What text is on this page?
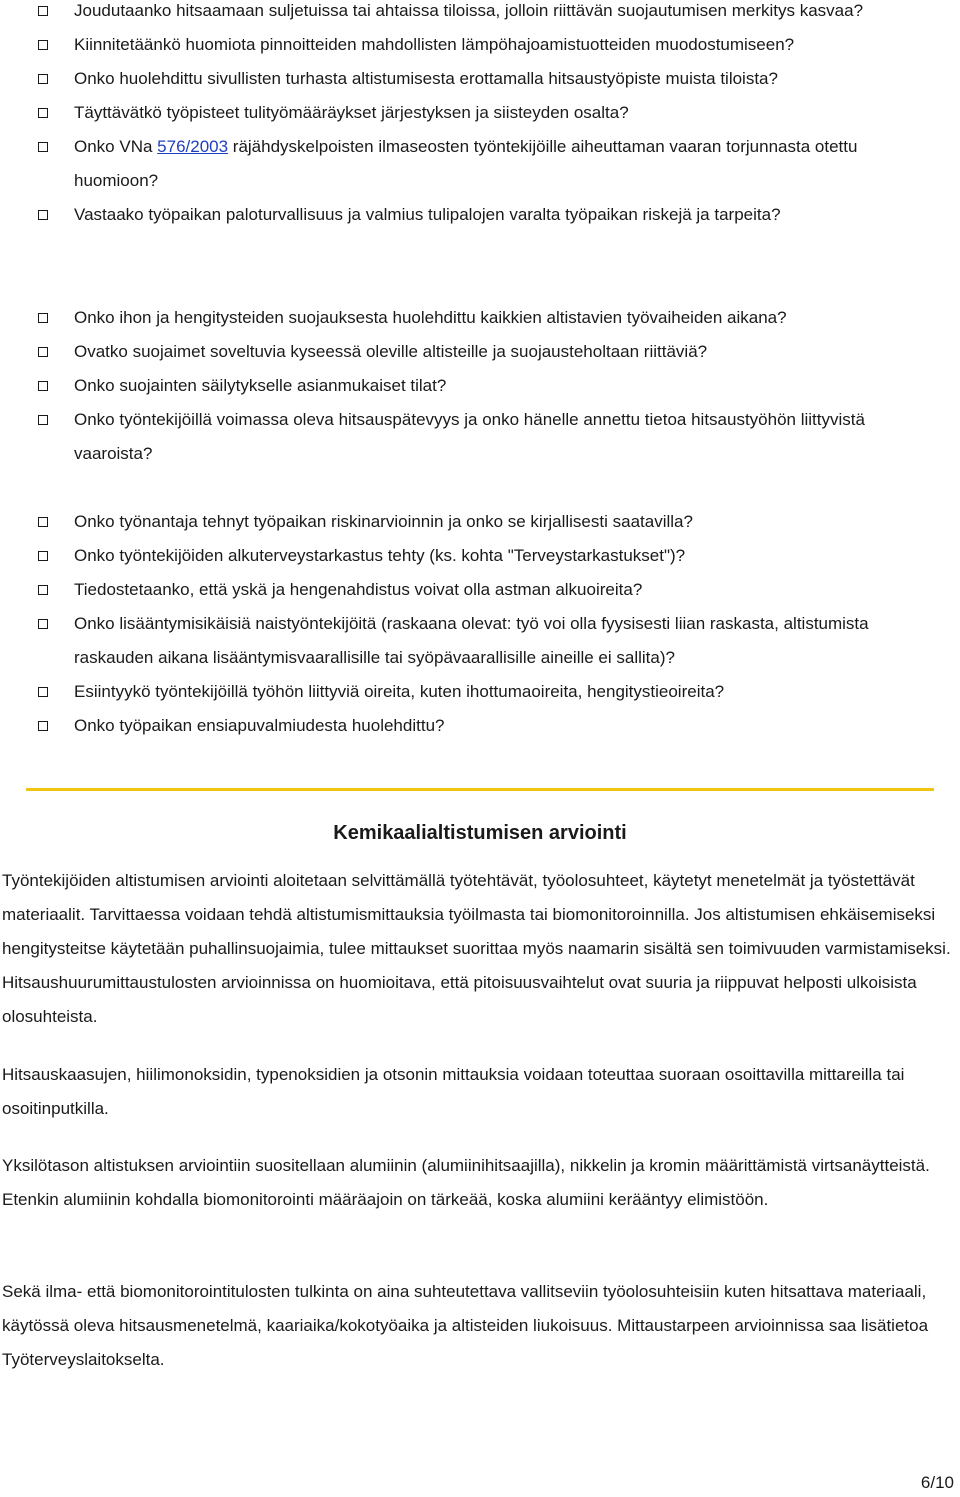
Joudutaanko hitsaamaan suljetuissa tai ahtaissa tiloissa, jolloin riittävän suojautumisen merkitys kasvaa?
Kiinnitetäänkö huomiota pinnoitteiden mahdollisten lämpöhajoamistuotteiden muodostumiseen?
Onko huolehdittu sivullisten turhasta altistumisesta erottamalla hitsaustyöpiste muista tiloista?
Täyttävätkö työpisteet tulityömääräykset järjestyksen ja siisteyden osalta?
Onko VNa 576/2003 räjähdyskelpoisten ilmaseosten työntekijöille aiheuttaman vaaran torjunnasta otettu huomioon?
Vastaako työpaikan paloturvallisuus ja valmius tulipalojen varalta työpaikan riskejä ja tarpeita?
Onko ihon ja hengitysteiden suojauksesta huolehdittu kaikkien altistavien työvaiheiden aikana?
Ovatko suojaimet soveltuvia kyseessä oleville altisteille ja suojausteholtaan riittäviä?
Onko suojainten säilytykselle asianmukaiset tilat?
Onko työntekijöillä voimassa oleva hitsauspätevyys ja onko hänelle annettu tietoa hitsaustyöhön liittyvistä vaaroista?
Onko työnantaja tehnyt työpaikan riskinarvioinnin ja onko se kirjallisesti saatavilla?
Onko työntekijöiden alkuterveystarkastus tehty (ks. kohta "Terveystarkastukset")?
Tiedostetaanko, että yskä ja hengenahdistus voivat olla astman alkuoireita?
Onko lisääntymisikäisiä naistyöntekijöitä (raskaana olevat: työ voi olla fyysisesti liian raskasta, altistumista raskauden aikana lisääntymisvaarallisille tai syöpävaarallisille aineille ei sallita)?
Esiintyykö työntekijöillä työhön liittyviä oireita, kuten ihottumaoireita, hengitystieoireita?
Onko työpaikan ensiapuvalmiudesta huolehdittu?
Kemikaalialtistumisen arviointi
Työntekijöiden altistumisen arviointi aloitetaan selvittämällä työtehtävät, työolosuhteet, käytetyt menetelmät ja työstettävät materiaalit. Tarvittaessa voidaan tehdä altistumismittauksia työilmasta tai biomonitoroinnilla. Jos altistumisen ehkäisemiseksi hengitysteitse käytetään puhallinsuojaimia, tulee mittaukset suorittaa myös naamarin sisältä sen toimivuuden varmistamiseksi. Hitsaushuurumittaustulosten arvioinnissa on huomioitava, että pitoisuusvaihtelut ovat suuria ja riippuvat helposti ulkoisista olosuhteista.
Hitsauskaasujen, hiilimonoksidin, typenoksidien ja otsonin mittauksia voidaan toteuttaa suoraan osoittavilla mittareilla tai osoitinputkilla.
Yksilötason altistuksen arviointiin suositellaan alumiinin (alumiinihitsaajilla), nikkelin ja kromin määrittämistä virtsanäytteistä. Etenkin alumiinin kohdalla biomonitorointi määräajoin on tärkeää, koska alumiini kerääntyy elimistöön.
Sekä ilma- että biomonitorointitulosten tulkinta on aina suhteutettava vallitseviin työolosuhteisiin kuten hitsattava materiaali, käytössä oleva hitsausmenetelmä, kaariaika/kokotyöaika ja altisteiden liukoisuus. Mittaustarpeen arvioinnissa saa lisätietoa Työterveyslaitokselta.
6/10
